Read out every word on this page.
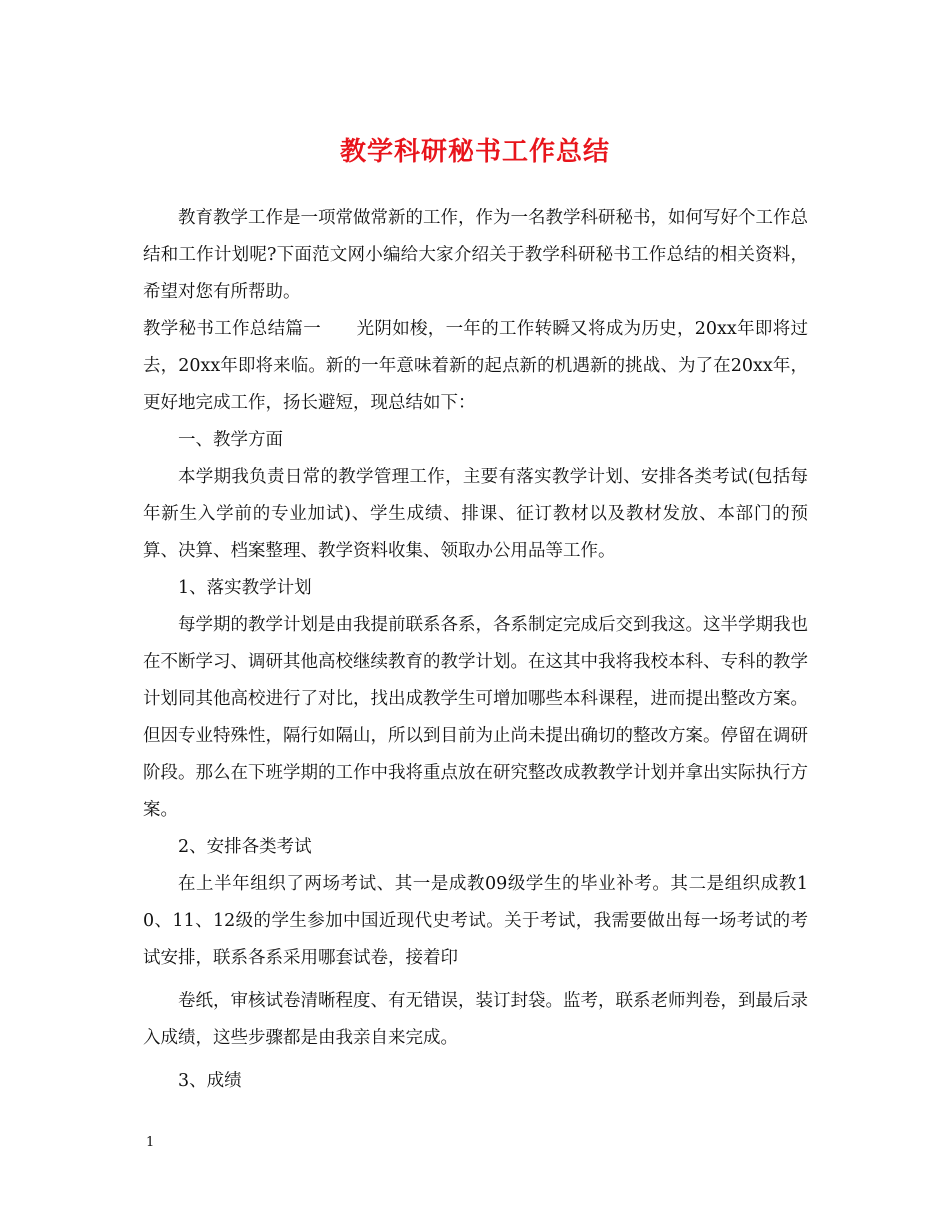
教学科研秘书工作总结

教育教学工作是一项常做常新的工作，作为一名教学科研秘书，如何写好个工作总结和工作计划呢?下面范文网小编给大家介绍关于教学科研秘书工作总结的相关资料，希望对您有所帮助。

教学秘书工作总结篇一　　光阴如梭，一年的工作转瞬又将成为历史，20xx年即将过去，20xx年即将来临。新的一年意味着新的起点新的机遇新的挑战、为了在20xx年，更好地完成工作，扬长避短，现总结如下：

一、教学方面

本学期我负责日常的教学管理工作，主要有落实教学计划、安排各类考试(包括每年新生入学前的专业加试)、学生成绩、排课、征订教材以及教材发放、本部门的预算、决算、档案整理、教学资料收集、领取办公用品等工作。

1、落实教学计划

每学期的教学计划是由我提前联系各系，各系制定完成后交到我这。这半学期我也在不断学习、调研其他高校继续教育的教学计划。在这其中我将我校本科、专科的教学计划同其他高校进行了对比，找出成教学生可增加哪些本科课程，进而提出整改方案。但因专业特殊性，隔行如隔山，所以到目前为止尚未提出确切的整改方案。停留在调研阶段。那么在下班学期的工作中我将重点放在研究整改成教教学计划并拿出实际执行方案。

2、安排各类考试

在上半年组织了两场考试、其一是成教09级学生的毕业补考。其二是组织成教10、11、12级的学生参加中国近现代史考试。关于考试，我需要做出每一场考试的考试安排，联系各系采用哪套试卷，接着印

卷纸，审核试卷清晰程度、有无错误，装订封袋。监考，联系老师判卷，到最后录入成绩，这些步骤都是由我亲自来完成。

3、成绩

1
